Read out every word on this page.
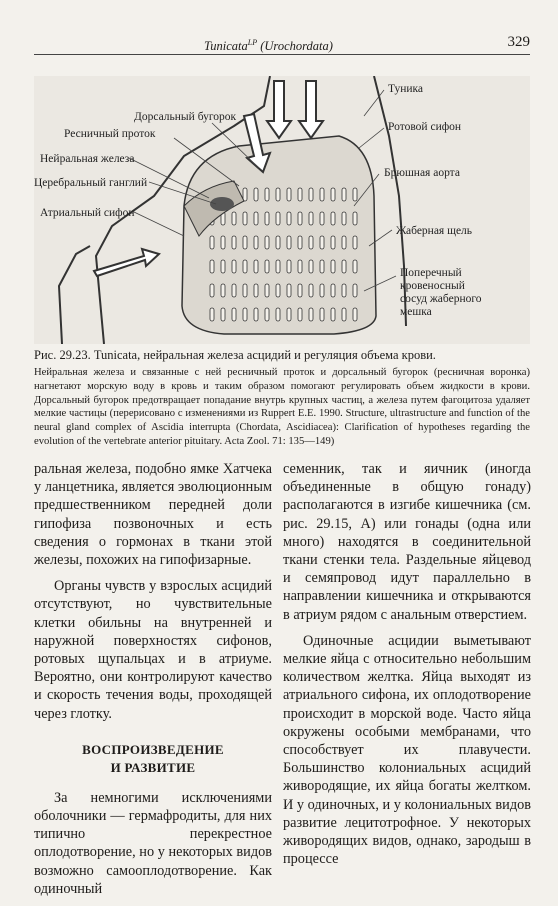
Tunicata$^{LP}$ (Urochordata)	329
Дорсальный бугорок
Ресничный проток
Нейральная железа
Церебральный ганглий
Атриальный сифон
Туника
Ротовой сифон
Брюшная аорта
Жаберная щель
Поперечный
кровеносный
сосуд жаберного
мешка
Рис. 29.23. Tunicata, нейральная железа асцидий и регуляция объема крови.
Нейральная железа и связанные с ней ресничный проток и дорсальный бугорок (ресничная воронка) нагнетают морскую воду в кровь и таким образом помогают регулировать объем жидкости в крови. Дорсальный бугорок предотвращает попадание внутрь крупных частиц, а железа путем фагоцитоза удаляет мелкие частицы (перерисовано с изменениями из Ruppert E.E. 1990. Structure, ultrastructure and function of the neural gland complex of Ascidia interrupta (Chordata, Ascidiacea): Clarification of hypotheses regarding the evolution of the vertebrate anterior pituitary. Acta Zool. 71: 135—149)

ральная железа, подобно ямке Хатчека у ланцетника, является эволюционным предшественником передней доли гипофиза позвоночных и есть сведения о гормонах в ткани этой железы, похожих на гипофизарные.

Органы чувств у взрослых асцидий отсутствуют, но чувствительные клетки обильны на внутренней и наружной поверхностях сифонов, ротовых щупальцах и в атриуме. Вероятно, они контролируют качество и скорость течения воды, проходящей через глотку.

ВОСПРОИЗВЕДЕНИЕ
И РАЗВИТИЕ

За немногими исключениями оболочники — гермафродиты, для них типично перекрестное оплодотворение, но у некоторых видов возможно самооплодотворение. Как одиночный

семенник, так и яичник (иногда объединенные в общую гонаду) располагаются в изгибе кишечника (см. рис. 29.15, А) или гонады (одна или много) находятся в соединительной ткани стенки тела. Раздельные яйцевод и семяпровод идут параллельно в направлении кишечника и открываются в атриум рядом с анальным отверстием.

Одиночные асцидии выметывают мелкие яйца с относительно небольшим количеством желтка. Яйца выходят из атриального сифона, их оплодотворение происходит в морской воде. Часто яйца окружены особыми мембранами, что способствует их плавучести. Большинство колониальных асцидий живородящие, их яйца богаты желтком. И у одиночных, и у колониальных видов развитие лецитотрофное. У некоторых живородящих видов, однако, зародыш в процессе
